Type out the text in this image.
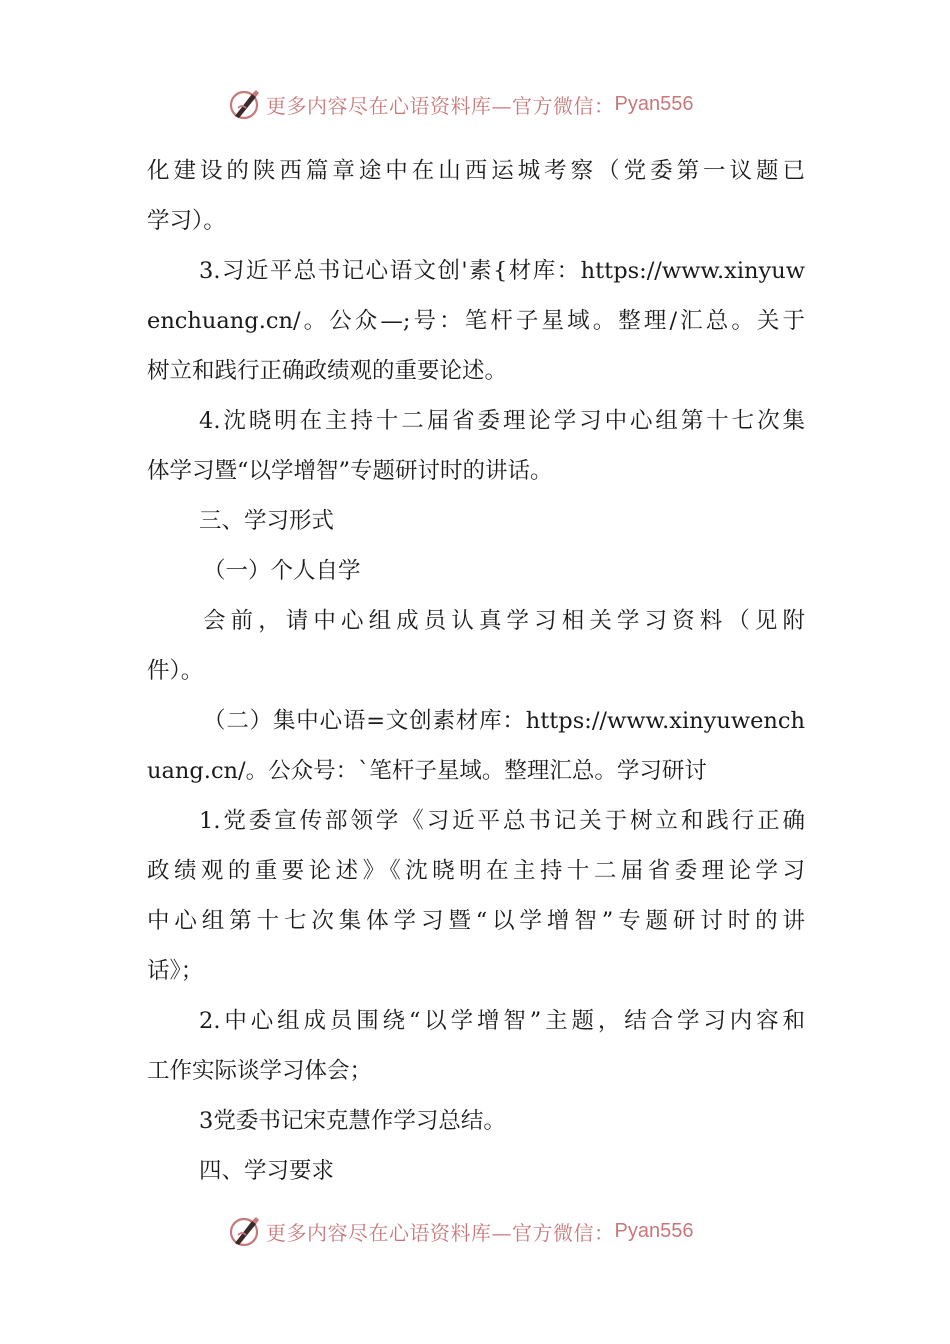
更多内容尽在心语资料库—官方微信： Pyan556
化建设的陕西篇章途中在山西运城考察（党委第一议题已
学习）。
3.习近平总书记心语文创'素{材库：https://www.xinyuw
enchuang.cn/。公众—;号：笔杆子星域。整理/汇总。关于
树立和践行正确政绩观的重要论述。
4.沈晓明在主持十二届省委理论学习中心组第十七次集
体学习暨“以学增智”专题研讨时的讲话。
三、学习形式
（一）个人自学
会前，请中心组成员认真学习相关学习资料（见附
件）。
（二）集中心语=文创素材库：https://www.xinyuwench
uang.cn/。公众号：`笔杆子星域。整理汇总。学习研讨
1.党委宣传部领学《习近平总书记关于树立和践行正确
政绩观的重要论述》《沈晓明在主持十二届省委理论学习
中心组第十七次集体学习暨“以学增智”专题研讨时的讲
话》；
2.中心组成员围绕“以学增智”主题，结合学习内容和
工作实际谈学习体会；
3党委书记宋克慧作学习总结。
四、学习要求
更多内容尽在心语资料库—官方微信： Pyan556
